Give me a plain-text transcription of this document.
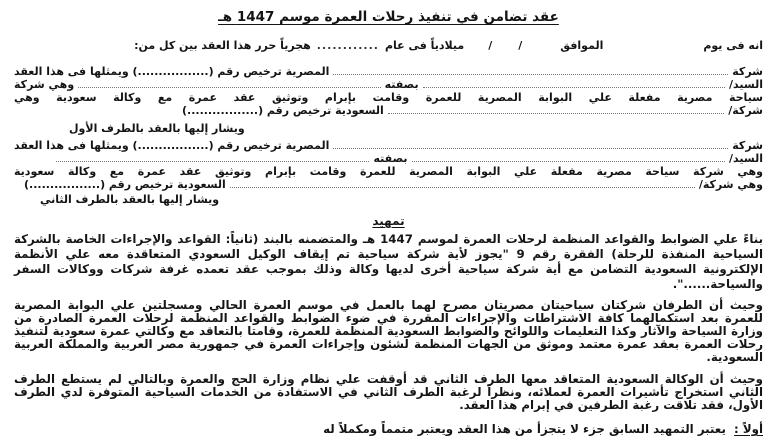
عقد تضامن في تنفيذ رحلات العمرة موسم 1447 هـ
انه فى يوم
الموافق
/
/
ميلادياً فى عام
............
هجرياً حرر هذا العقد بين كل من:
شركة
المصرية ترخيص رقم (.................) ويمثلها فى هذا العقد
السيد/
بصفته
وهي شركة
سياحة مصرية مفعلة علي البوابة المصرية للعمرة وقامت بإبرام وتوثيق عقد عمرة مع وكالة سعودية وهي
شركة/
السعودية ترخيص رقم (.................)
ويشار إليها بالعقد بالطرف الأول
شركة
المصرية ترخيص رقم (.................) ويمثلها فى هذا العقد
السيد/
بصفته
وهي شركة سياحة مصرية مفعلة علي البوابة المصرية للعمرة وقامت بإبرام وتوثيق عقد عمرة مع وكالة سعودية
وهي شركة/
السعودية ترخيص رقم (.................)
ويشار إليها بالعقد بالطرف الثاني
تمهيد
بناءً علي الضوابط والقواعد المنظمة لرحلات العمرة لموسم 1447 هـ والمتضمنه بالبند (ثانياً: القواعد والإجراءات الخاصة بالشركة السياحية المنفذة للرحلة) الفقرة رقم 9 "يجوز لأية شركة سياحية تم إيقاف الوكيل السعودي المتعاقدة معه علي الأنظمة الإلكترونية السعودية التضامن مع أية شركة سياحية أخرى لديها وكالة وذلك بموجب عقد تعمده غرفة شركات ووكالات السفر والسياحة......".
وحيث أن الطرفان شركتان سياحيتان مصريتان مصرح لهما بالعمل في موسم العمرة الحالي ومسجلتين علي البوابة المصرية للعمرة بعد استكمالهما كافة الاشتراطات والإجراءات المقررة في ضوء الضوابط والقواعد المنظمة لرحلات العمرة الصادرة من وزارة السياحة والآثار وكذا التعليمات واللوائح والضوابط السعودية المنظمة للعمرة، وقامتا بالتعاقد مع وكالتي عمرة سعودية لتنفيذ رحلات العمرة بعقد عمرة معتمد وموثق من الجهات المنظمة لشئون وإجراءات العمرة في جمهورية مصر العربية والمملكة العربية السعودية.
وحيث أن الوكالة السعودية المتعاقد معها الطرف الثاني قد أوقفت علي نظام وزارة الحج والعمرة وبالتالي لم يستطع الطرف الثاني استخراج تأشيرات العمرة لعملائه، ونظراً لرغبة الطرف الثاني في الاستفادة من الخدمات السياحية المتوفرة لدي الطرف الأول، فقد تلاقت رغبة الطرفين في إبرام هذا العقد.
أولاً : يعتبر التمهيد السابق جزء لا يتجزأ من هذا العقد ويعتبر متمماً ومكملاً له
